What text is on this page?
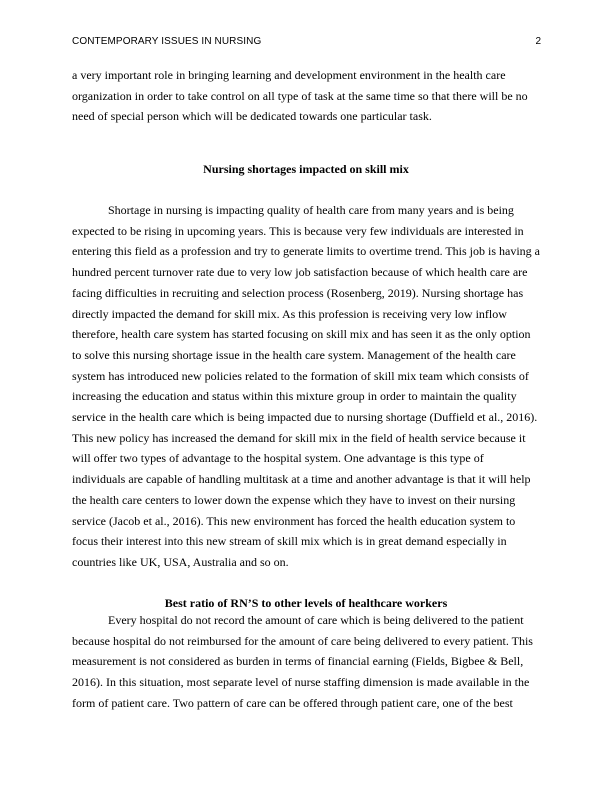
CONTEMPORARY ISSUES IN NURSING	2

a very important role in bringing learning and development environment in the health care organization in order to take control on all type of task at the same time so that there will be no need of special person which will be dedicated towards one particular task.

Nursing shortages impacted on skill mix

Shortage in nursing is impacting quality of health care from many years and is being expected to be rising in upcoming years. This is because very few individuals are interested in entering this field as a profession and try to generate limits to overtime trend. This job is having a hundred percent turnover rate due to very low job satisfaction because of which health care are facing difficulties in recruiting and selection process (Rosenberg, 2019). Nursing shortage has directly impacted the demand for skill mix. As this profession is receiving very low inflow therefore, health care system has started focusing on skill mix and has seen it as the only option to solve this nursing shortage issue in the health care system. Management of the health care system has introduced new policies related to the formation of skill mix team which consists of increasing the education and status within this mixture group in order to maintain the quality service in the health care which is being impacted due to nursing shortage (Duffield et al., 2016). This new policy has increased the demand for skill mix in the field of health service because it will offer two types of advantage to the hospital system. One advantage is this type of individuals are capable of handling multitask at a time and another advantage is that it will help the health care centers to lower down the expense which they have to invest on their nursing service (Jacob et al., 2016). This new environment has forced the health education system to focus their interest into this new stream of skill mix which is in great demand especially in countries like UK, USA, Australia and so on.

Best ratio of RN’S to other levels of healthcare workers

Every hospital do not record the amount of care which is being delivered to the patient because hospital do not reimbursed for the amount of care being delivered to every patient. This measurement is not considered as burden in terms of financial earning (Fields, Bigbee & Bell, 2016). In this situation, most separate level of nurse staffing dimension is made available in the form of patient care. Two pattern of care can be offered through patient care, one of the best
